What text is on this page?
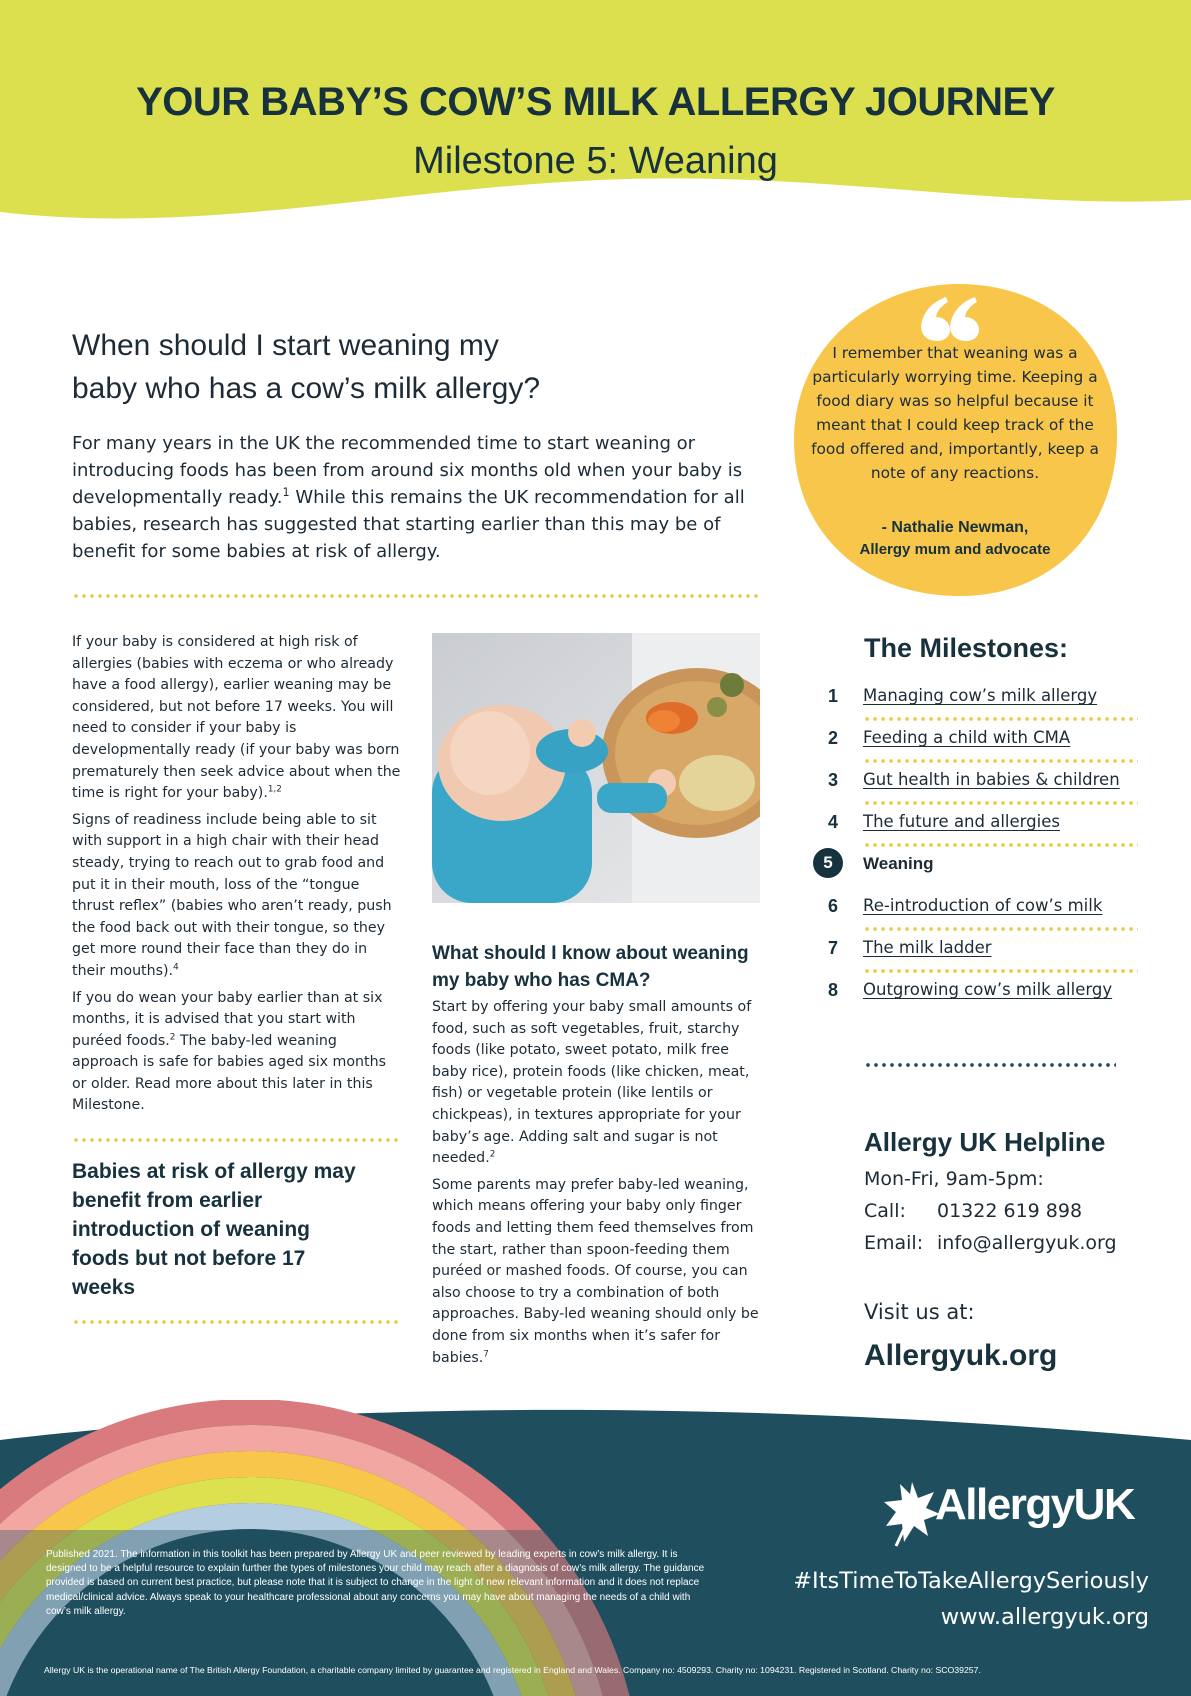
YOUR BABY’S COW’S MILK ALLERGY JOURNEY
Milestone 5: Weaning
When should I start weaning my
baby who has a cow’s milk allergy?
For many years in the UK the recommended time to start weaning or introducing foods has been from around six months old when your baby is developmentally ready.$^1$ While this remains the UK recommendation for all babies, research has suggested that starting earlier than this may be of benefit for some babies at risk of allergy.

If your baby is considered at high risk of allergies (babies with eczema or who already have a food allergy), earlier weaning may be considered, but not before 17 weeks. You will need to consider if your baby is developmentally ready (if your baby was born prematurely then seek advice about when the time is right for your baby).$^{1,2}$

Signs of readiness include being able to sit with support in a high chair with their head steady, trying to reach out to grab food and put it in their mouth, loss of the “tongue thrust reflex” (babies who aren’t ready, push the food back out with their tongue, so they get more round their face than they do in their mouths).$^4$

If you do wean your baby earlier than at six months, it is advised that you start with puréed foods.$^2$ The baby-led weaning approach is safe for babies aged six months or older. Read more about this later in this Milestone.

Babies at risk of allergy may benefit from earlier introduction of weaning foods but not before 17 weeks
What should I know about weaning my baby who has CMA?

Start by offering your baby small amounts of food, such as soft vegetables, fruit, starchy foods (like potato, sweet potato, milk free baby rice), protein foods (like chicken, meat, fish) or vegetable protein (like lentils or chickpeas), in textures appropriate for your baby’s age. Adding salt and sugar is not needed.$^2$

Some parents may prefer baby-led weaning, which means offering your baby only finger foods and letting them feed themselves from the start, rather than spoon-feeding them puréed or mashed foods. Of course, you can also choose to try a combination of both approaches. Baby-led weaning should only be done from six months when it’s safer for babies.$^7$

I remember that weaning was a particularly worrying time. Keeping a food diary was so helpful because it meant that I could keep track of the food offered and, importantly, keep a note of any reactions.
- Nathalie Newman,
Allergy mum and advocate
The Milestones:
1	Managing cow’s milk allergy
2	Feeding a child with CMA
3	Gut health in babies & children
4	The future and allergies
5	Weaning
6	Re-introduction of cow’s milk
7	The milk ladder
8	Outgrowing cow’s milk allergy
Allergy UK Helpline
Mon-Fri, 9am-5pm:
Call: 01322 619 898
Email: info@allergyuk.org
Visit us at:
Allergyuk.org
AllergyUK
#ItsTimeToTakeAllergySeriously
www.allergyuk.org
Published 2021. The information in this toolkit has been prepared by Allergy UK and peer reviewed by leading experts in cow’s milk allergy. It is designed to be a helpful resource to explain further the types of milestones your child may reach after a diagnosis of cow’s milk allergy. The guidance provided is based on current best practice, but please note that it is subject to change in the light of new relevant information and it does not replace medical/clinical advice. Always speak to your healthcare professional about any concerns you may have about managing the needs of a child with cow’s milk allergy.
Allergy UK is the operational name of The British Allergy Foundation, a charitable company limited by guarantee and registered in England and Wales. Company no: 4509293. Charity no: 1094231. Registered in Scotland. Charity no: SCO39257.
